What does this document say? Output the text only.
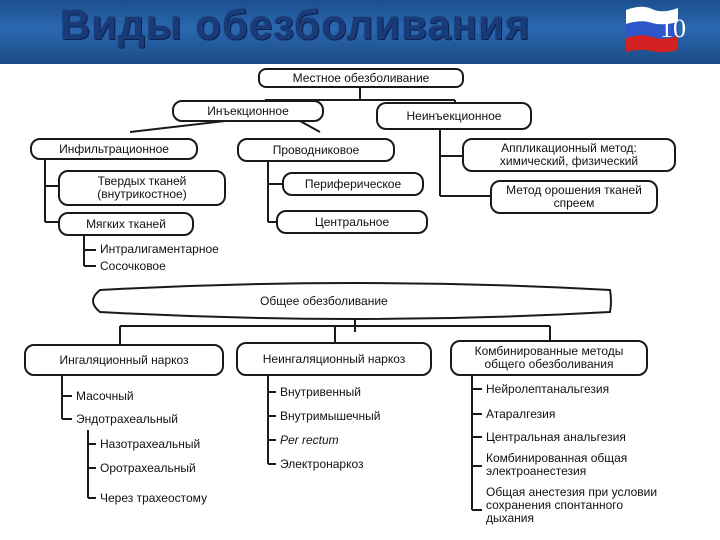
Виды обезболивания	10
Местное обезболивание
Инъекционное	Неинъекционное
Инфильтрационное	Проводниковое	Аппликационный метод: химический, физический
Твердых тканей (внутрикостное)
Периферическое	Метод орошения тканей спреем
Мягких тканей	Центральное
Интралигаментарное
Сосочковое
Общее обезболивание
Ингаляционный наркоз	Неингаляционный наркоз
Комбинированные методы общего обезболивания
Масочный
Эндотрахеальный
Назотрахеальный
Оротрахеальный
Через трахеостому
Внутривенный
Внутримышечный
Per rectum
Электронаркоз
Нейролептанальгезия
Атаралгезия
Центральная анальгезия
Комбинированная общая электроанестезия
Общая анестезия при условии сохранения спонтанного дыхания
